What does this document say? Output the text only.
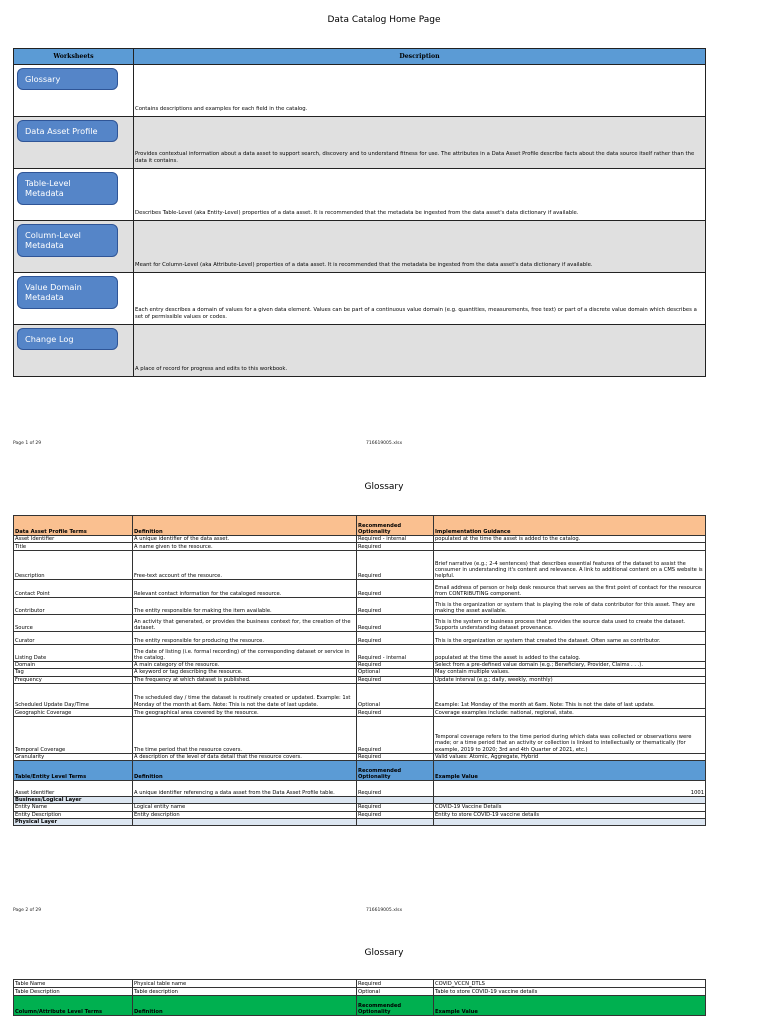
Data Catalog Home Page
Worksheets	Description

Glossary	Contains descriptions and examples for each field in the catalog.

Data Asset Profile	Provides contextual information about a data asset to support search, discovery and to understand fitness for use. The attributes in a Data Asset Profile describe facts about the data source itself rather than the data it contains.

Table-Level Metadata	Describes Table-Level (aka Entity-Level) properties of a data asset. It is recommended that the metadata be ingested from the data asset's data dictionary if available.

Column-Level Metadata	Meant for Column-Level (aka Attribute-Level) properties of a data asset. It is recommended that the metadata be ingested from the data asset's data dictionary if available.

Value Domain Metadata	Each entry describes a domain of values for a given data element. Values can be part of a continuous value domain (e.g. quantities, measurements, free text) or part of a discrete value domain which describes a set of permissible values or codes.

Change Log	A place of record for progress and edits to this workbook.
Page 1 of 29	716619005.xlsx
Glossary
Data Asset Profile Terms	Definition	Recommended Optionality	Implementation Guidance
Asset Identifier	A unique identifier of the data asset.	Required - internal	populated at the time the asset is added to the catalog.
Title	A name given to the resource.	Required	
Description	Free-text account of the resource.	Required	Brief narrative (e.g.; 2-4 sentences) that describes essential features of the dataset to assist the consumer in understanding it's content and relevance. A link to additional content on a CMS website is helpful.
Contact Point	Relevant contact information for the cataloged resource.	Required	Email address of person or help desk resource that serves as the first point of contact for the resource from CONTRIBUTING component.
Contributor	The entity responsible for making the item available.	Required	This is the organization or system that is playing the role of data contributor for this asset. They are making the asset available.
Source	An activity that generated, or provides the business context for, the creation of the dataset.	Required	This is the system or business process that provides the source data used to create the dataset. Supports understanding dataset provenance.
Curator	The entity responsible for producing the resource.	Required	This is the organization or system that created the dataset. Often same as contributor.
Listing Date	The date of listing (i.e. formal recording) of the corresponding dataset or service in the catalog.	Required - internal	populated at the time the asset is added to the catalog.
Domain	A main category of the resource.	Required	Select from a pre-defined value domain (e.g.; Beneficiary, Provider, Claims . . .).
Tag	A keyword or tag describing the resource.	Optional	May contain multiple values.
Frequency	The frequency at which dataset is published.	Required	Update interval (e.g.; daily, weekly, monthly)
Scheduled Update Day/Time	The scheduled day / time the dataset is routinely created or updated. Example: 1st Monday of the month at 6am. Note: This is not the date of last update.	Optional	Example: 1st Monday of the month at 6am. Note: This is not the date of last update.
Geographic Coverage	The geographical area covered by the resource.	Required	Coverage examples include: national, regional, state.
Temporal Coverage	The time period that the resource covers.	Required	Temporal coverage refers to the time period during which data was collected or observations were made; or a time period that an activity or collection is linked to intellectually or thematically (for example, 2019 to 2020; 3rd and 4th Quarter of 2021, etc.)
Granularity	A description of the level of data detail that the resource covers.	Required	Valid values: Atomic, Aggregate, Hybrid
Table/Entity Level Terms	Definition	Recommended Optionality	Example Value
Asset Identifier	A unique identifier referencing a data asset from the Data Asset Profile table.	Required	1001
Business/Logical Layer			
Entity Name	Logical entity name	Required	COVID-19 Vaccine Details
Entity Description	Entity description	Required	Entity to store COVID-19 vaccine details
Physical Layer			
Page 2 of 29	716619005.xlsx
Glossary
Table Name	Physical table name	Required	COVID_VCCN_DTLS
Table Description	Table description	Optional	Table to store COVID-19 vaccine details
Column/Attribute Level Terms	Definition	Recommended Optionality	Example Value
